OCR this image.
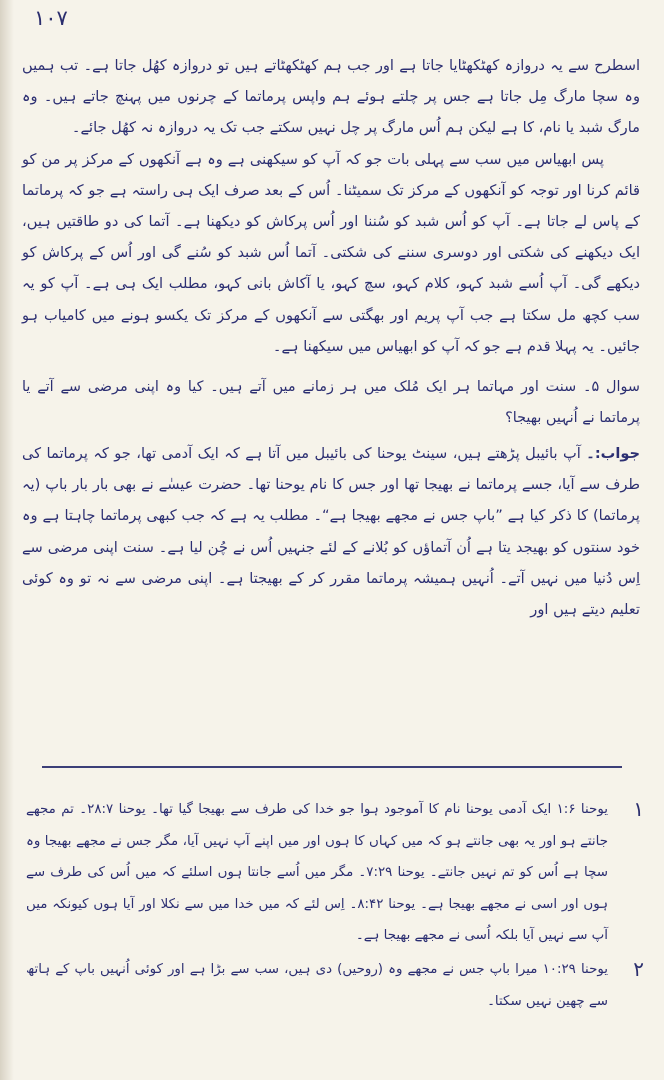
۱۰۷

اسطرح سے یہ دروازہ کھٹکھٹایا جاتا ہے اور جب ہم کھٹکھٹاتے ہیں تو دروازہ کھُل جاتا ہے۔ تب ہمیں وہ سچا مارگ مِل جاتا ہے جس پر چلتے ہوئے ہم واپس پرماتما کے چرنوں میں پہنچ جاتے ہیں۔ وہ مارگ شبد یا نام، کا ہے لیکن ہم اُس مارگ پر چل نہیں سکتے جب تک یہ دروازہ نہ کھُل جائے۔

پس ابھیاس میں سب سے پہلی بات جو کہ آپ کو سیکھنی ہے وہ ہے آنکھوں کے مرکز پر من کو قائم کرنا اور توجہ کو آنکھوں کے مرکز تک سمیٹنا۔ اُس کے بعد صرف ایک ہی راستہ ہے جو کہ پرماتما کے پاس لے جاتا ہے۔ آپ کو اُس شبد کو سُننا اور اُس پرکاش کو دیکھنا ہے۔ آتما کی دو طاقتیں ہیں، ایک دیکھنے کی شکتی اور دوسری سننے کی شکتی۔ آتما اُس شبد کو سُنے گی اور اُس کے پرکاش کو دیکھے گی۔ آپ اُسے شبد کہو، کلام کہو، سچ کہو، یا آکاش بانی کہو، مطلب ایک ہی ہے۔ آپ کو یہ سب کچھ مل سکتا ہے جب آپ پریم اور بھگتی سے آنکھوں کے مرکز تک یکسو ہونے میں کامیاب ہو جائیں۔ یہ پہلا قدم ہے جو کہ آپ کو ابھیاس میں سیکھنا ہے۔

سوال ۵۔ سنت اور مہاتما ہر ایک مُلک میں ہر زمانے میں آتے ہیں۔ کیا وہ اپنی مرضی سے آتے یا پرماتما نے اُنہیں بھیجا؟

جواب:۔ آپ بائیبل پڑھتے ہیں، سینٹ یوحنا کی بائیبل میں آتا ہے کہ ایک آدمی تھا، جو کہ پرماتما کی طرف سے آیا، جسے پرماتما نے بھیجا تھا اور جس کا نام یوحنا تھا۔ حضرت عیسٰے نے بھی بار بار باپ (یہ پرماتما) کا ذکر کیا ہے ”باپ جس نے مجھے بھیجا ہے“۔ مطلب یہ ہے کہ جب کبھی پرماتما چاہتا ہے وہ خود سنتوں کو بھیجد یتا ہے اُن آتماؤں کو بُلانے کے لئے جنہیں اُس نے چُن لیا ہے۔ سنت اپنی مرضی سے اِس دُنیا میں نہیں آتے۔ اُنہیں ہمیشہ پرماتما مقرر کر کے بھیجتا ہے۔ اپنی مرضی سے نہ تو وہ کوئی تعلیم دیتے ہیں اور

۱

یوحنا ۱:۶ ایک آدمی یوحنا نام کا آموجود ہوا جو خدا کی طرف سے بھیجا گیا تھا۔ یوحنا ۲۸:۷۔ تم مجھے جانتے ہو اور یہ بھی جانتے ہو کہ میں کہاں کا ہوں اور میں اپنے آپ نہیں آیا، مگر جس نے مجھے بھیجا وہ سچا ہے اُس کو تم نہیں جانتے۔ یوحنا ۷:۲۹۔ مگر میں اُسے جانتا ہوں اسلئے کہ میں اُس کی طرف سے ہوں اور اسی نے مجھے بھیجا ہے۔ یوحنا ۸:۴۲۔ اِس لئے کہ میں خدا میں سے نکلا اور آیا ہوں کیونکہ میں آپ سے نہیں آیا بلکہ اُسی نے مجھے بھیجا ہے۔

۲

یوحنا ۱۰:۲۹ میرا باپ جس نے مجھے وہ (روحیں) دی ہیں، سب سے بڑا ہے اور کوئی اُنہیں باپ کے ہاتھ سے چھین نہیں سکتا۔
